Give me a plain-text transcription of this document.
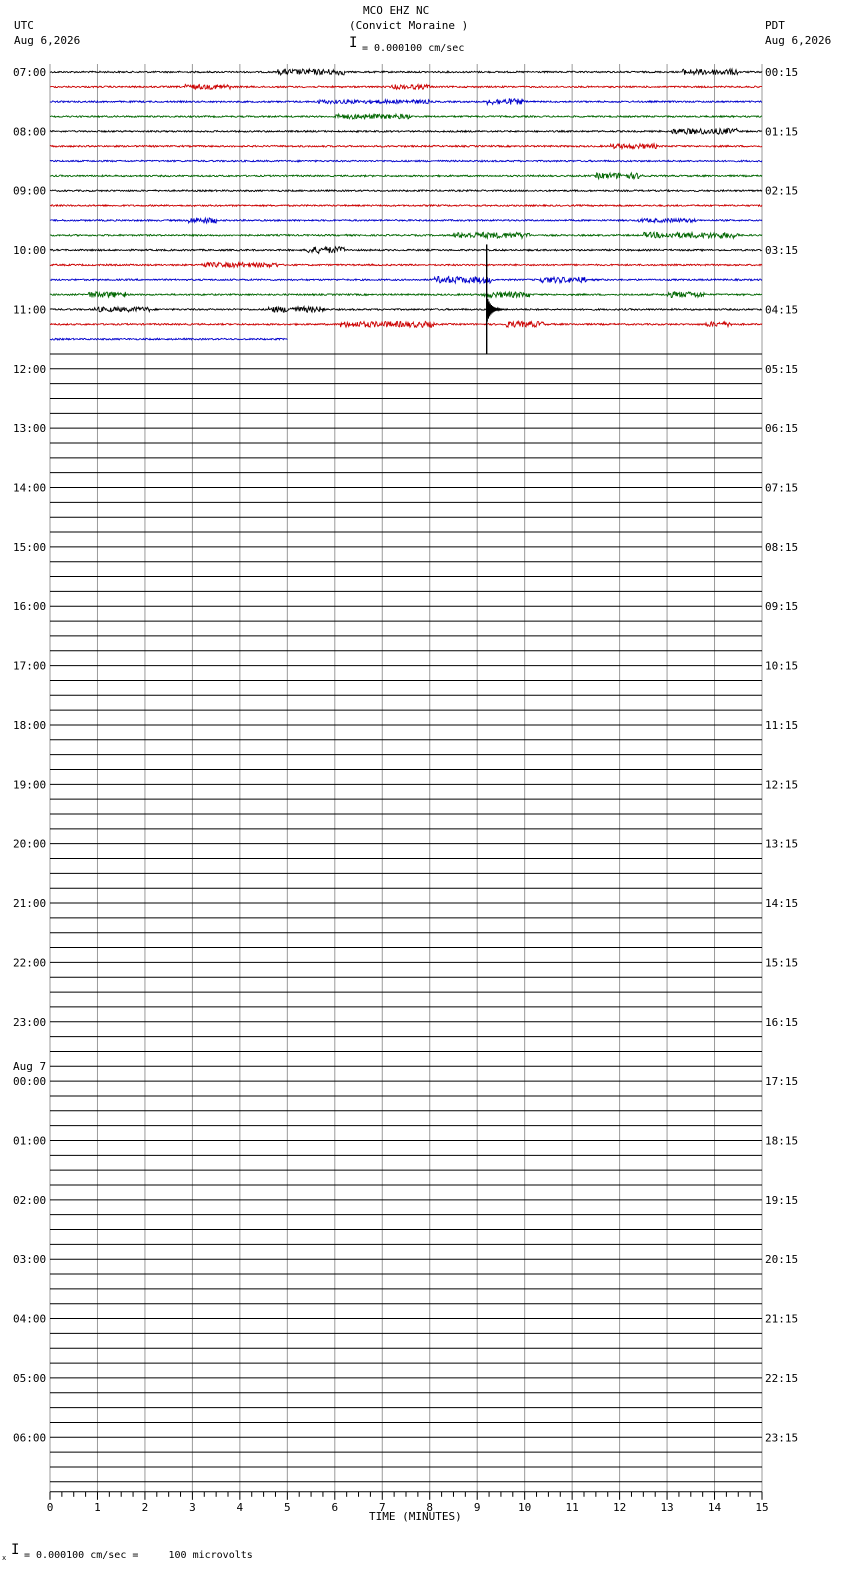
MCO EHZ NC
(Convict Moraine )
I = 0.000100 cm/sec
UTC
Aug 6,2026
PDT
Aug 6,2026
0	1	2	3	4	5	6	7	8	9	10	11	12	13	14	15
07:00
08:00
09:00
10:00
11:00
12:00
13:00
14:00
15:00
16:00
17:00
18:00
19:00
20:00
21:00
22:00
23:00
00:00
Aug 7
01:00
02:00
03:00
04:00
05:00
06:00
00:15
01:15
02:15
03:15
04:15
05:15
06:15
07:15
08:15
09:15
10:15
11:15
12:15
13:15
14:15
15:15
16:15
17:15
18:15
19:15
20:15
21:15
22:15
23:15
TIME (MINUTES)
x I = 0.000100 cm/sec =     100 microvolts
